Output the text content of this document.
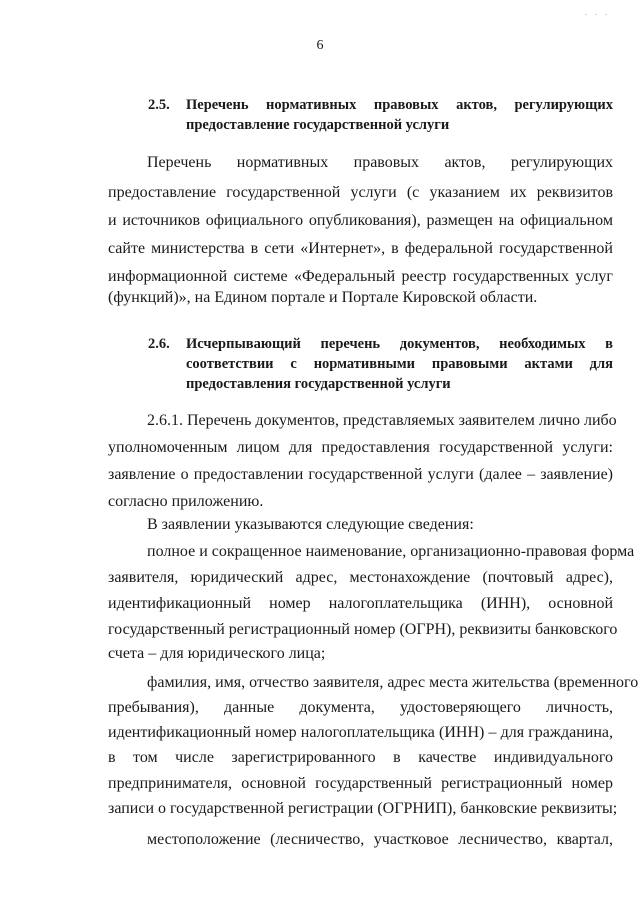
. . .
6
2.5. Перечень нормативных правовых актов, регулирующих предоставление государственной услуги
Перечень нормативных правовых актов, регулирующих
предоставление государственной услуги (с указанием их реквизитов
и источников официального опубликования), размещен на официальном
сайте министерства в сети «Интернет», в федеральной государственной
информационной системе «Федеральный реестр государственных услуг
(функций)», на Едином портале и Портале Кировской области.
2.6. Исчерпывающий перечень документов, необходимых в соответствии с нормативными правовыми актами для предоставления государственной услуги
2.6.1. Перечень документов, представляемых заявителем лично либо
уполномоченным лицом для предоставления государственной услуги:
заявление о предоставлении государственной услуги (далее – заявление)
согласно приложению.
В заявлении указываются следующие сведения:
полное и сокращенное наименование, организационно-правовая форма
заявителя, юридический адрес, местонахождение (почтовый адрес),
идентификационный номер налогоплательщика (ИНН), основной
государственный регистрационный номер (ОГРН), реквизиты банковского
счета – для юридического лица;
фамилия, имя, отчество заявителя, адрес места жительства (временного
пребывания), данные документа, удостоверяющего личность,
идентификационный номер налогоплательщика (ИНН) – для гражданина,
в том числе зарегистрированного в качестве индивидуального
предпринимателя, основной государственный регистрационный номер
записи о государственной регистрации (ОГРНИП), банковские реквизиты;
местоположение (лесничество, участковое лесничество, квартал,
